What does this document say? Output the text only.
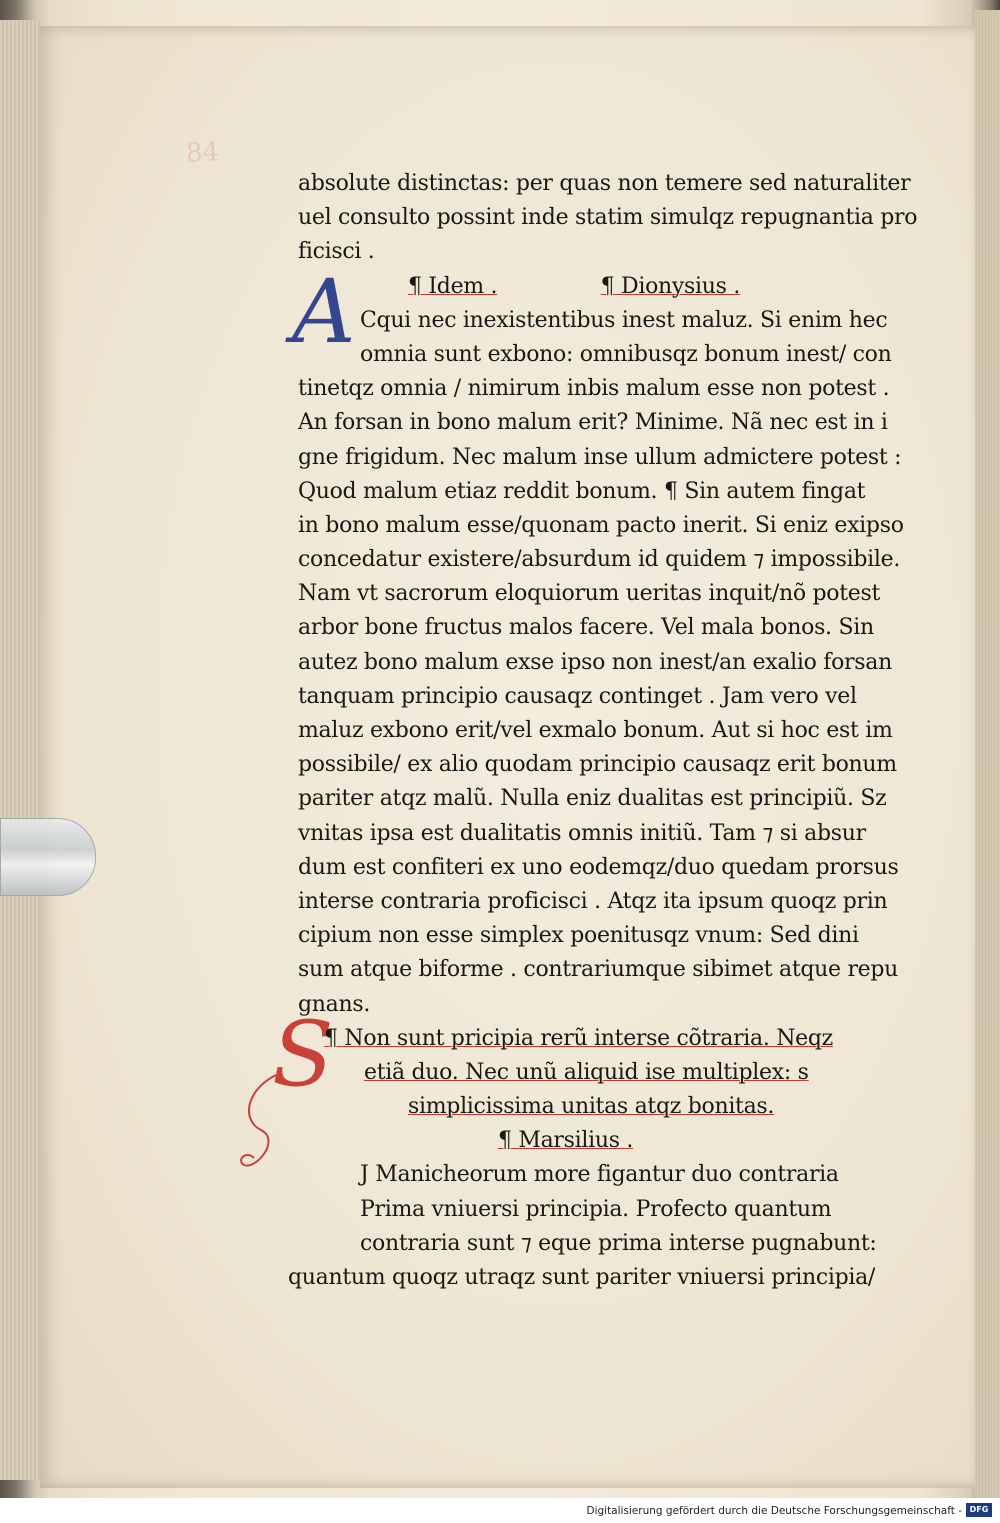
84
A
S
absolute distinctas: per quas non temere sed naturaliter
uel consulto possint inde statim simulqz repugnantia pro
ficisci .
¶ Idem .	¶ Dionysius .
Cqui nec inexistentibus inest maluz. Si enim hec
omnia sunt exbono: omnibusqz bonum inest/ con
tinetqz omnia / nimirum inbis malum esse non potest .
An forsan in bono malum erit? Minime. Nã nec est in i
gne frigidum. Nec malum inse ullum admictere potest :
Quod malum etiaz reddit bonum. ¶ Sin autem fingat
in bono malum esse/quonam pacto inerit. Si eniz exipso
concedatur existere/absurdum id quidem ⁊ impossibile.
Nam vt sacrorum eloquiorum ueritas inquit/nõ potest
arbor bone fructus malos facere. Vel mala bonos. Sin
autez bono malum exse ipso non inest/an exalio forsan
tanquam principio causaqz continget . Jam vero vel
maluz exbono erit/vel exmalo bonum. Aut si hoc est im
possibile/ ex alio quodam principio causaqz erit bonum
pariter atqz malũ. Nulla eniz dualitas est principiũ. Sz
vnitas ipsa est dualitatis omnis initiũ. Tam ⁊ si absur
dum est confiteri ex uno eodemqz/duo quedam prorsus
interse contraria proficisci . Atqz ita ipsum quoqz prin
cipium non esse simplex poenitusqz vnum: Sed dini
sum atque biforme . contrariumque sibimet atque repu
gnans.
¶ Non sunt pricipia rerũ interse cõtraria. Neqz
etiã duo. Nec unũ aliquid ise multiplex: s
simplicissima unitas atqz bonitas.
¶ Marsilius .
J Manicheorum more figantur duo contraria
Prima vniuersi principia. Profecto quantum
contraria sunt ⁊ eque prima interse pugnabunt:
quantum quoqz utraqz sunt pariter vniuersi principia/
Digitalisierung gefördert durch die Deutsche Forschungsgemeinschaft - DFG
